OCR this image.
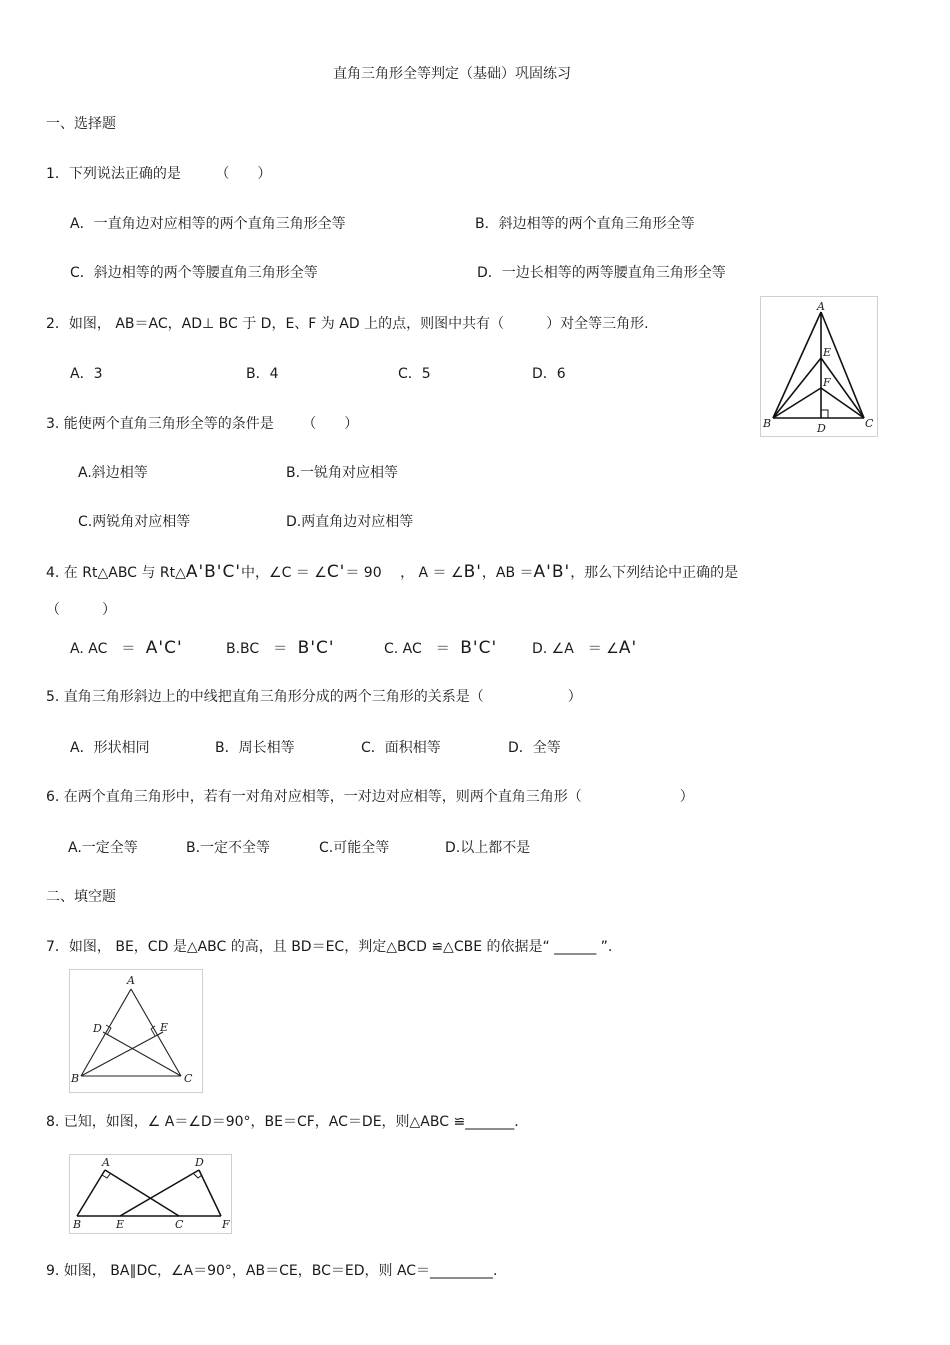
直角三角形全等判定（基础）巩固练习
一、选择题
1．下列说法正确的是 （　　）
A．一直角边对应相等的两个直角三角形全等	B．斜边相等的两个直角三角形全等
C．斜边相等的两个等腰直角三角形全等	D．一边长相等的两等腰直角三角形全等
2．如图， AB＝AC，AD⊥ BC 于 D，E、F 为 AD 上的点，则图中共有（　　　）对全等三角形.
A．3	B．4	C．5	D．6
A
E
F
B	C
D
3. 能使两个直角三角形全等的条件是 （　　）
A.斜边相等	B.一锐角对应相等
C.两锐角对应相等	D.两直角边对应相等
4. 在 Rt△ABC 与 Rt△A'B'C'中，∠C ＝ ∠C'＝ 90　 ， A ＝ ∠B'，AB ＝A'B'，那么下列结论中正确的是
（　　　）
A. AC　＝ A'C'	B.BC　＝ B'C'	C. AC　＝ B'C' D. ∠A　＝ ∠A'
5. 直角三角形斜边上的中线把直角三角形分成的两个三角形的关系是（　　　　　　）
A．形状相同	B．周长相等	C．面积相等	D．全等
6. 在两个直角三角形中，若有一对角对应相等，一对边对应相等，则两个直角三角形（　　　　　　　）
A.一定全等	B.一定不全等	C.可能全等	D.以上都不是
二、填空题
7．如图， BE，CD 是△ABC 的高，且 BD＝EC，判定△BCD ≌△CBE 的依据是“ ______ ”.
A
D	E
B	C
8. 已知，如图，∠ A＝∠D＝90°，BE＝CF，AC＝DE，则△ABC ≌_______.
A	D
B	E	C	F
9. 如图， BA∥DC，∠A＝90°，AB＝CE，BC＝ED，则 AC＝_________.
